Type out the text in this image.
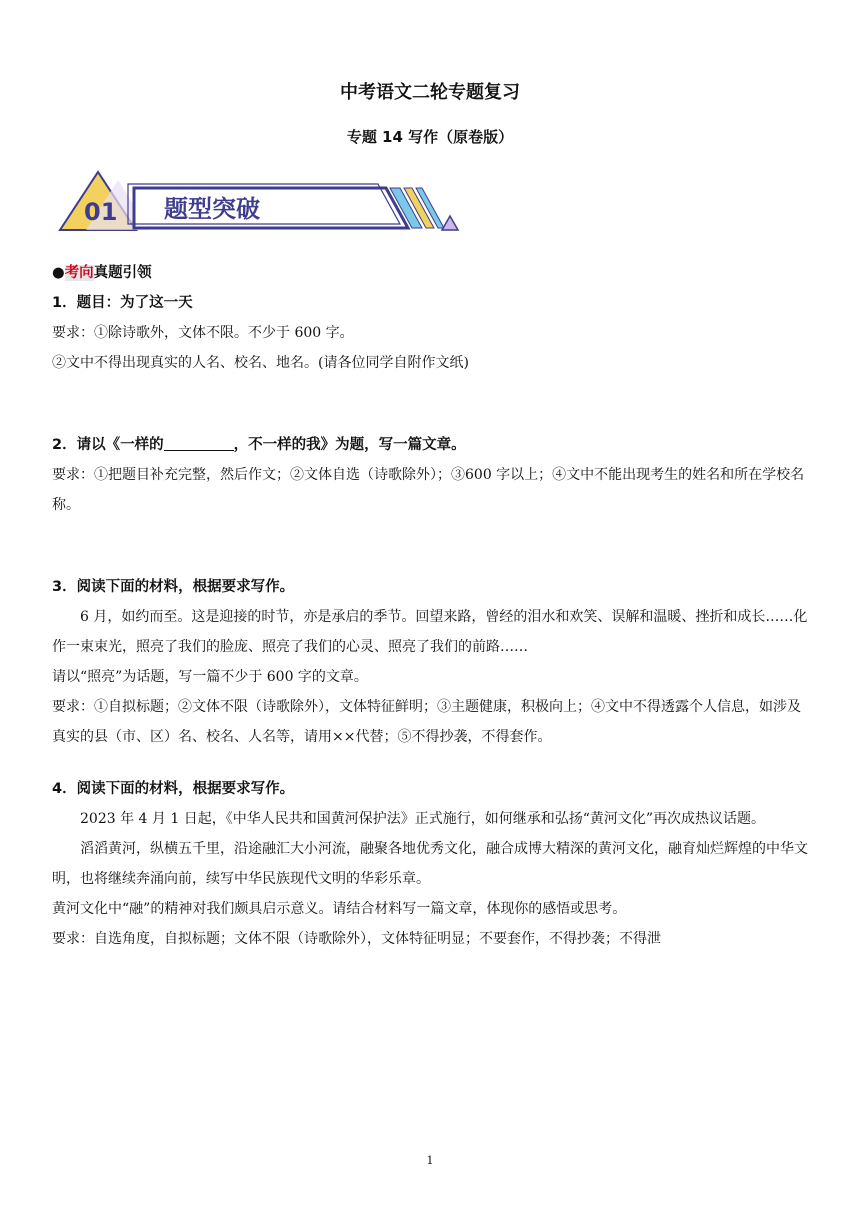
中考语文二轮专题复习
专题 14 写作（原卷版）
01 题型突破

●考向真题引领

1．题目：为了这一天

要求：①除诗歌外，文体不限。不少于 600 字。

②文中不得出现真实的人名、校名、地名。(请各位同学自附作文纸)

2．请以《一样的	，不一样的我》为题，写一篇文章。

要求：①把题目补充完整，然后作文；②文体自选（诗歌除外）；③600 字以上；④文中不能出现考生的姓名和所在学校名称。

3．阅读下面的材料，根据要求写作。

6 月，如约而至。这是迎接的时节，亦是承启的季节。回望来路，曾经的泪水和欢笑、误解和温暖、挫折和成长……化作一束束光，照亮了我们的脸庞、照亮了我们的心灵、照亮了我们的前路……

请以“照亮”为话题，写一篇不少于 600 字的文章。

要求：①自拟标题；②文体不限（诗歌除外），文体特征鲜明；③主题健康，积极向上；④文中不得透露个人信息，如涉及真实的县（市、区）名、校名、人名等，请用××代替；⑤不得抄袭，不得套作。

4．阅读下面的材料，根据要求写作。

2023 年 4 月 1 日起，《中华人民共和国黄河保护法》正式施行，如何继承和弘扬“黄河文化”再次成热议话题。

滔滔黄河，纵横五千里，沿途融汇大小河流，融聚各地优秀文化，融合成博大精深的黄河文化，融育灿烂辉煌的中华文明，也将继续奔涌向前，续写中华民族现代文明的华彩乐章。

黄河文化中“融”的精神对我们颇具启示意义。请结合材料写一篇文章，体现你的感悟或思考。

要求：自选角度，自拟标题；文体不限（诗歌除外），文体特征明显；不要套作，不得抄袭；不得泄

1
